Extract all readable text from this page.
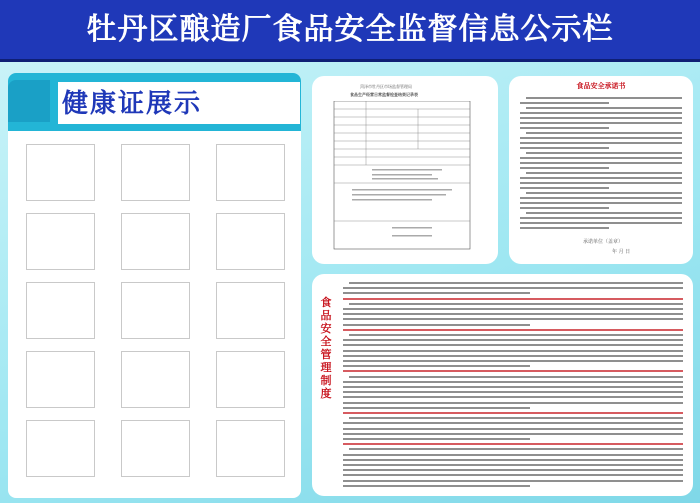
牡丹区酿造厂食品安全监督信息公示栏
健康证展示
菏泽市牡丹区市场监督管理局
食品生产经营日常监督检查结果记录表
食品安全承诺书
承诺单位（盖章）
年 月 日
食品安全管理制度
